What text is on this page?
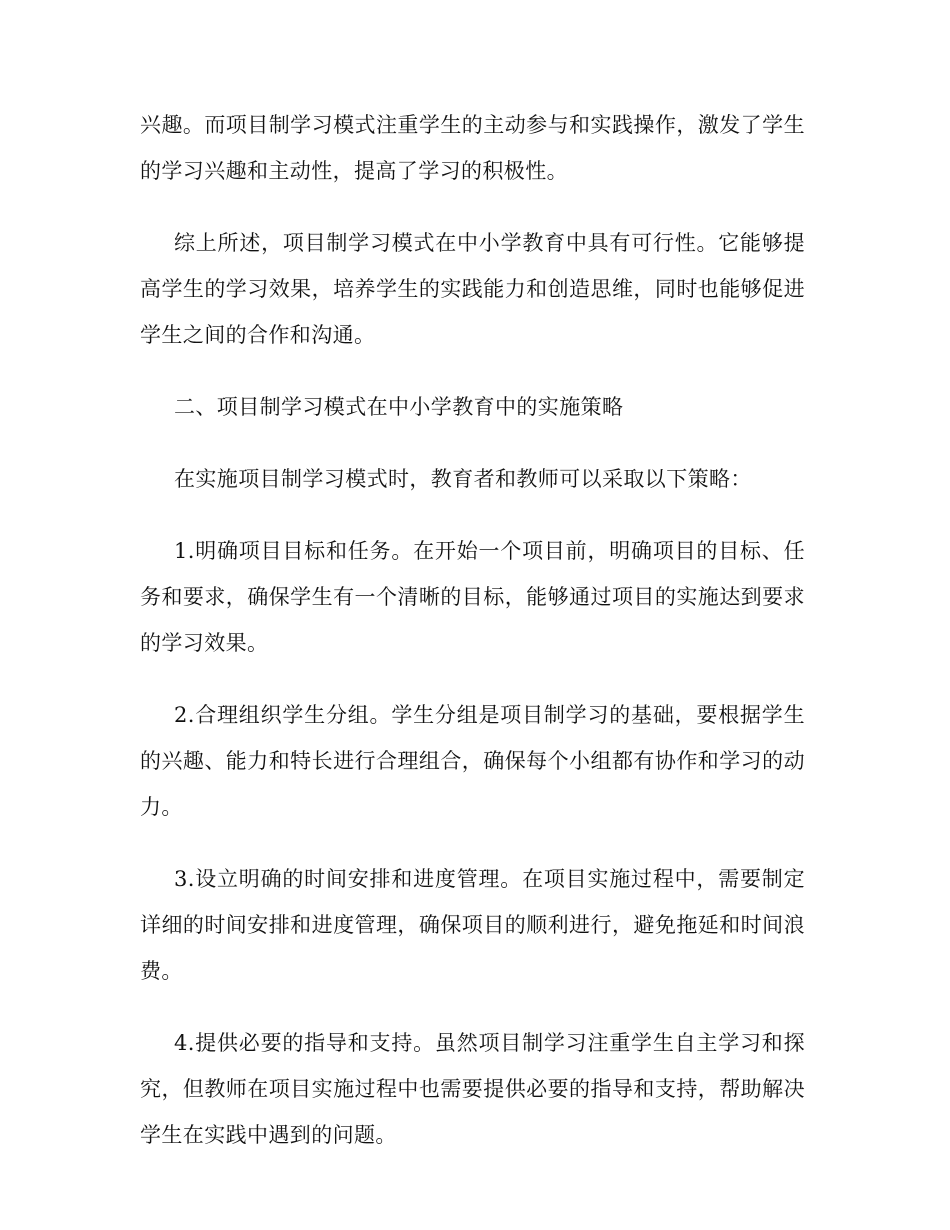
兴趣。而项目制学习模式注重学生的主动参与和实践操作，激发了学生的学习兴趣和主动性，提高了学习的积极性。

综上所述，项目制学习模式在中小学教育中具有可行性。它能够提高学生的学习效果，培养学生的实践能力和创造思维，同时也能够促进学生之间的合作和沟通。

二、项目制学习模式在中小学教育中的实施策略

在实施项目制学习模式时，教育者和教师可以采取以下策略：

1.明确项目目标和任务。在开始一个项目前，明确项目的目标、任务和要求，确保学生有一个清晰的目标，能够通过项目的实施达到要求的学习效果。

2.合理组织学生分组。学生分组是项目制学习的基础，要根据学生的兴趣、能力和特长进行合理组合，确保每个小组都有协作和学习的动力。

3.设立明确的时间安排和进度管理。在项目实施过程中，需要制定详细的时间安排和进度管理，确保项目的顺利进行，避免拖延和时间浪费。

4.提供必要的指导和支持。虽然项目制学习注重学生自主学习和探究，但教师在项目实施过程中也需要提供必要的指导和支持，帮助解决学生在实践中遇到的问题。
